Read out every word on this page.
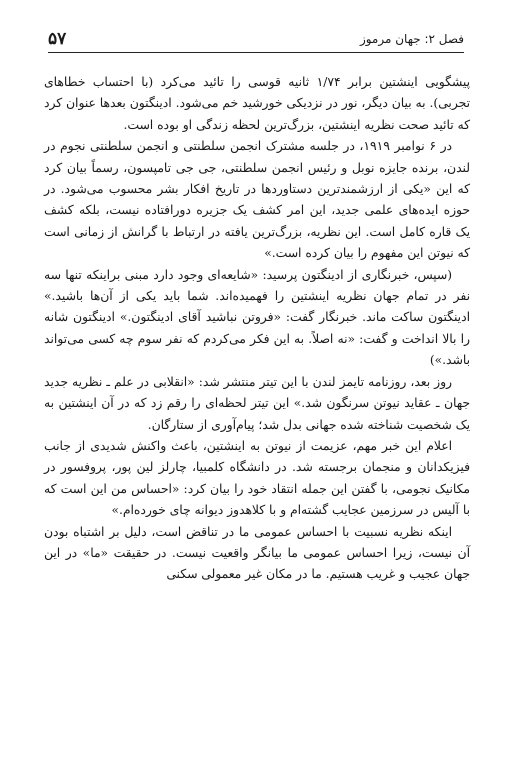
۵۷	فصل ۲: جهان مرموز

پیشگویی اینشتین برابر ۱/۷۴ ثانیه قوسی را تائید می‌کرد (با احتساب خطاهای تجربی). به بیان دیگر، نور در نزدیکی خورشید خم می‌شود. ادینگتون بعدها عنوان کرد که تائید صحت نظریه اینشتین، بزرگ‌ترین لحظه زندگی او بوده است.

در ۶ نوامبر ۱۹۱۹، در جلسه مشترک انجمن سلطنتی و انجمن سلطنتی نجوم در لندن، برنده جایزه نوبل و رئیس انجمن سلطنتی، جی جی تامپسون، رسماً بیان کرد که این «یکی از ارزشمندترین دستاوردها در تاریخ افکار بشر محسوب می‌شود. در حوزه ایده‌های علمی جدید، این امر کشف یک جزیره دورافتاده نیست، بلکه کشف یک قاره کامل است. این نظریه، بزرگ‌ترین یافته در ارتباط با گرانش از زمانی است که نیوتن این مفهوم را بیان کرده است.»

(سپس، خبرنگاری از ادینگتون پرسید: «شایعه‌ای وجود دارد مبنی براینکه تنها سه نفر در تمام جهان نظریه اینشتین را فهمیده‌اند. شما باید یکی از آن‌ها باشید.» ادینگتون ساکت ماند. خبرنگار گفت: «فروتن نباشید آقای ادینگتون.» ادینگتون شانه را بالا انداخت و گفت: «نه اصلاً. به این فکر می‌کردم که نفر سوم چه کسی می‌تواند باشد.»)

روز بعد، روزنامه تایمز لندن با این تیتر منتشر شد: «انقلابی در علم ـ نظریه جدید جهان ـ عقاید نیوتن سرنگون شد.» این تیتر لحظه‌ای را رقم زد که در آن اینشتین به یک شخصیت شناخته شده جهانی بدل شد؛ پیام‌آوری از ستارگان.

اعلام این خبر مهم، عزیمت از نیوتن به اینشتین، باعث واکنش شدیدی از جانب فیزیکدانان و منجمان برجسته شد. در دانشگاه کلمبیا، چارلز لین پور، پروفسور در مکانیک نجومی، با گفتن این جمله انتقاد خود را بیان کرد: «احساس من این است که با آلیس در سرزمین عجایب گشته‌ام و با کلاهدوز دیوانه چای خورده‌ام.»

اینکه نظریه نسبیت با احساس عمومی ما در تناقض است، دلیل بر اشتباه بودن آن نیست، زیرا احساس عمومی ما بیانگر واقعیت نیست. در حقیقت «ما» در این جهان عجیب و غریب هستیم. ما در مکان غیر معمولی سکنی
